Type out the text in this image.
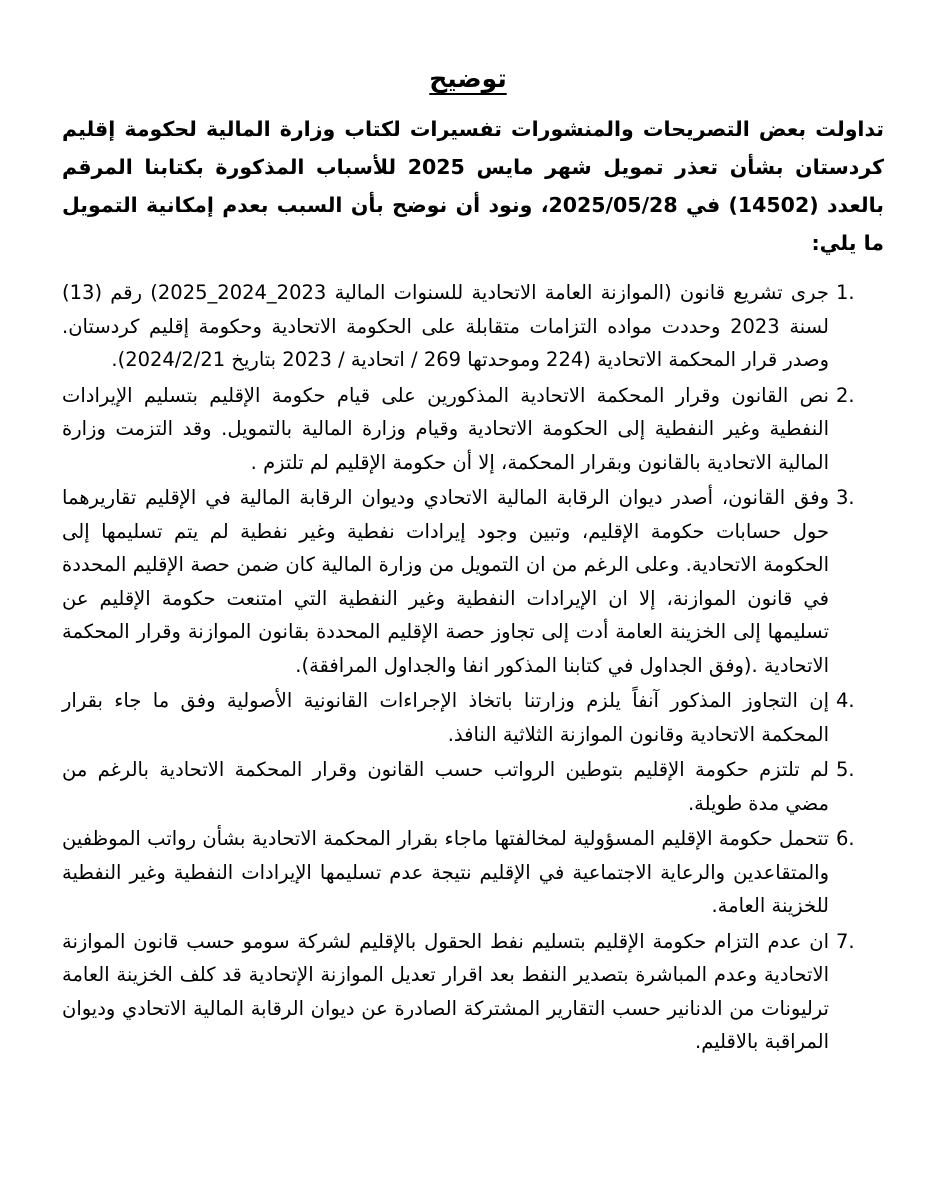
توضيح

تداولت بعض التصريحات والمنشورات تفسيرات لكتاب وزارة المالية لحكومة إقليم كردستان بشأن تعذر تمويل شهر مايس 2025 للأسباب المذكورة بكتابنا المرقم بالعدد (14502) في 2025/05/28، ونود أن نوضح بأن السبب بعدم إمكانية التمويل ما يلي:

1.
جرى تشريع قانون (الموازنة العامة الاتحادية للسنوات المالية 2023_2024_2025) رقم (13) لسنة 2023 وحددت مواده التزامات متقابلة على الحكومة الاتحادية وحكومة إقليم كردستان. وصدر قرار المحكمة الاتحادية (224 وموحدتها 269 / اتحادية / 2023 بتاريخ 2024/2/21).
2.
نص القانون وقرار المحكمة الاتحادية المذكورين على قيام حكومة الإقليم بتسليم الإيرادات النفطية وغير النفطية إلى الحكومة الاتحادية وقيام وزارة المالية بالتمويل. وقد التزمت وزارة المالية الاتحادية بالقانون وبقرار المحكمة، إلا أن حكومة الإقليم لم تلتزم .
3.
وفق القانون، أصدر ديوان الرقابة المالية الاتحادي وديوان الرقابة المالية في الإقليم تقاريرهما حول حسابات حكومة الإقليم، وتبين وجود إيرادات نفطية وغير نفطية لم يتم تسليمها إلى الحكومة الاتحادية. وعلى الرغم من ان التمويل من وزارة المالية كان ضمن حصة الإقليم المحددة في قانون الموازنة، إلا ان الإيرادات النفطية وغير النفطية التي امتنعت حكومة الإقليم عن تسليمها إلى الخزينة العامة أدت إلى تجاوز حصة الإقليم المحددة بقانون الموازنة وقرار المحكمة الاتحادية .(وفق الجداول في كتابنا المذكور انفا والجداول المرافقة).
4.
إن التجاوز المذكور آنفاً يلزم وزارتنا باتخاذ الإجراءات القانونية الأصولية وفق ما جاء بقرار المحكمة الاتحادية وقانون الموازنة الثلاثية النافذ.
5.
لم تلتزم حكومة الإقليم بتوطين الرواتب حسب القانون وقرار المحكمة الاتحادية بالرغم من مضي مدة طويلة.
6.
تتحمل حكومة الإقليم المسؤولية لمخالفتها ماجاء بقرار المحكمة الاتحادية بشأن رواتب الموظفين والمتقاعدين والرعاية الاجتماعية في الإقليم نتيجة عدم تسليمها الإيرادات النفطية وغير النفطية للخزينة العامة.
7.
ان عدم التزام حكومة الإقليم بتسليم نفط الحقول بالإقليم لشركة سومو حسب قانون الموازنة الاتحادية وعدم المباشرة بتصدير النفط بعد اقرار تعديل الموازنة الإتحادية قد كلف الخزينة العامة ترليونات من الدنانير حسب التقارير المشتركة الصادرة عن ديوان الرقابة المالية الاتحادي وديوان المراقبة بالاقليم.
